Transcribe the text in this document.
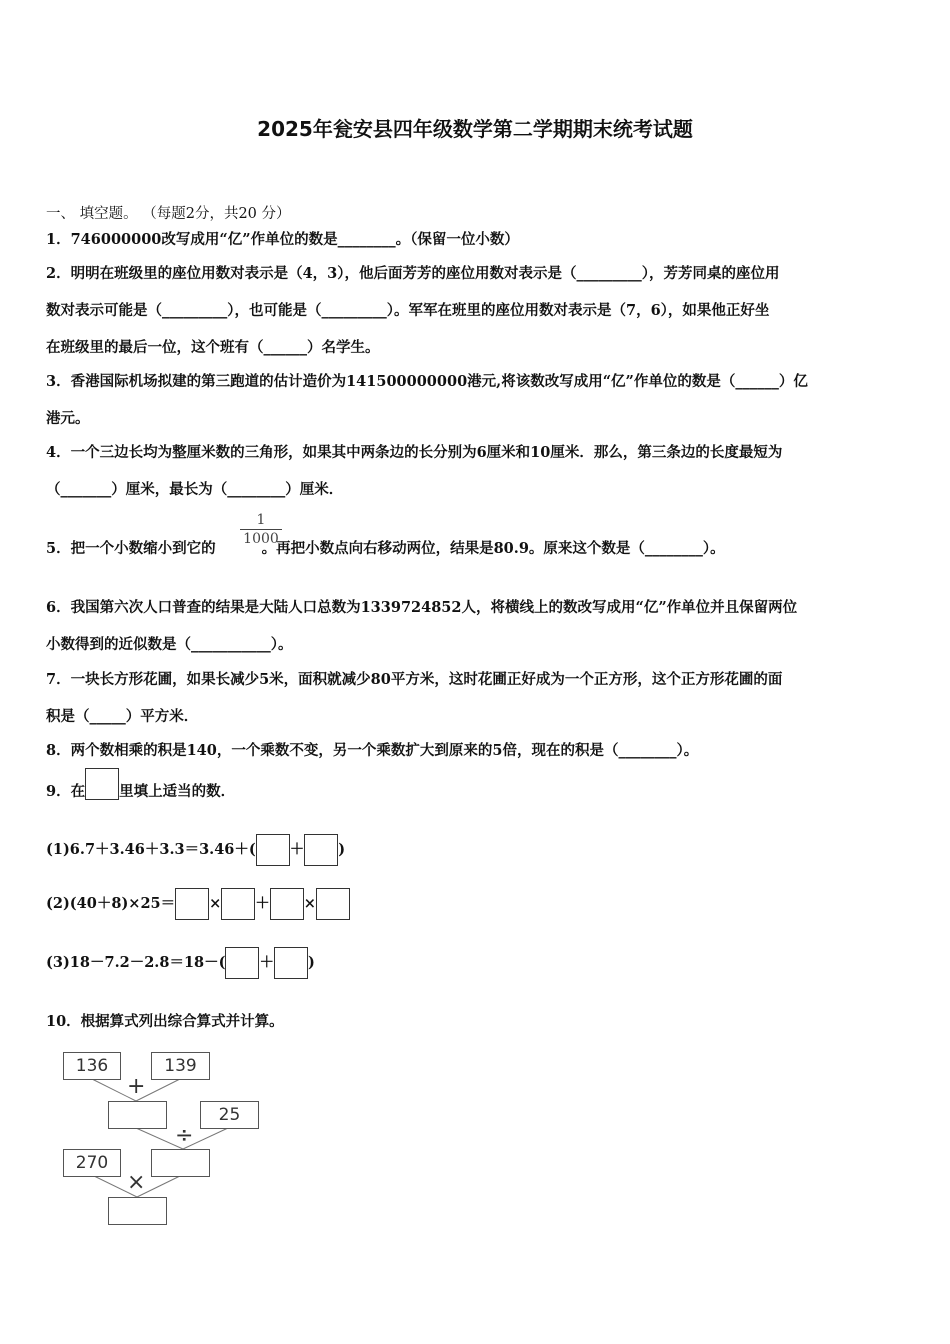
2025年瓮安县四年级数学第二学期期末统考试题
一、 填空题。 （每题2分，共20 分）
1．746000000改写成用“亿”作单位的数是________。（保留一位小数）
2．明明在班级里的座位用数对表示是（4，3），他后面芳芳的座位用数对表示是（_________），芳芳同桌的座位用
数对表示可能是（_________），也可能是（_________）。军军在班里的座位用数对表示是（7，6），如果他正好坐
在班级里的最后一位，这个班有（______）名学生。
3．香港国际机场拟建的第三跑道的估计造价为141500000000港元,将该数改写成用“亿”作单位的数是（______）亿
港元。
4．一个三边长均为整厘米数的三角形，如果其中两条边的长分别为6厘米和10厘米．那么，第三条边的长度最短为
（_______）厘米，最长为（________）厘米．
5．把一个小数缩小到它的	。再把小数点向右移动两位，结果是80.9。原来这个数是（________）。
1
1000
6．我国第六次人口普查的结果是大陆人口总数为1339724852人，将横线上的数改写成用“亿”作单位并且保留两位
小数得到的近似数是（___________）。
7．一块长方形花圃，如果长减少5米，面积就减少80平方米，这时花圃正好成为一个正方形，这个正方形花圃的面
积是（_____）平方米．
8．两个数相乘的积是140，一个乘数不变，另一个乘数扩大到原来的5倍，现在的积是（________）。
9．在 里填上适当的数．
(1)6.7＋3.46＋3.3＝3.46＋( ＋ )
(2)(40＋8)×25＝ × ＋ ×
(3)18－7.2－2.8＝18－( ＋ )
10．根据算式列出综合算式并计算。
136	139
+
25
÷
270
×
